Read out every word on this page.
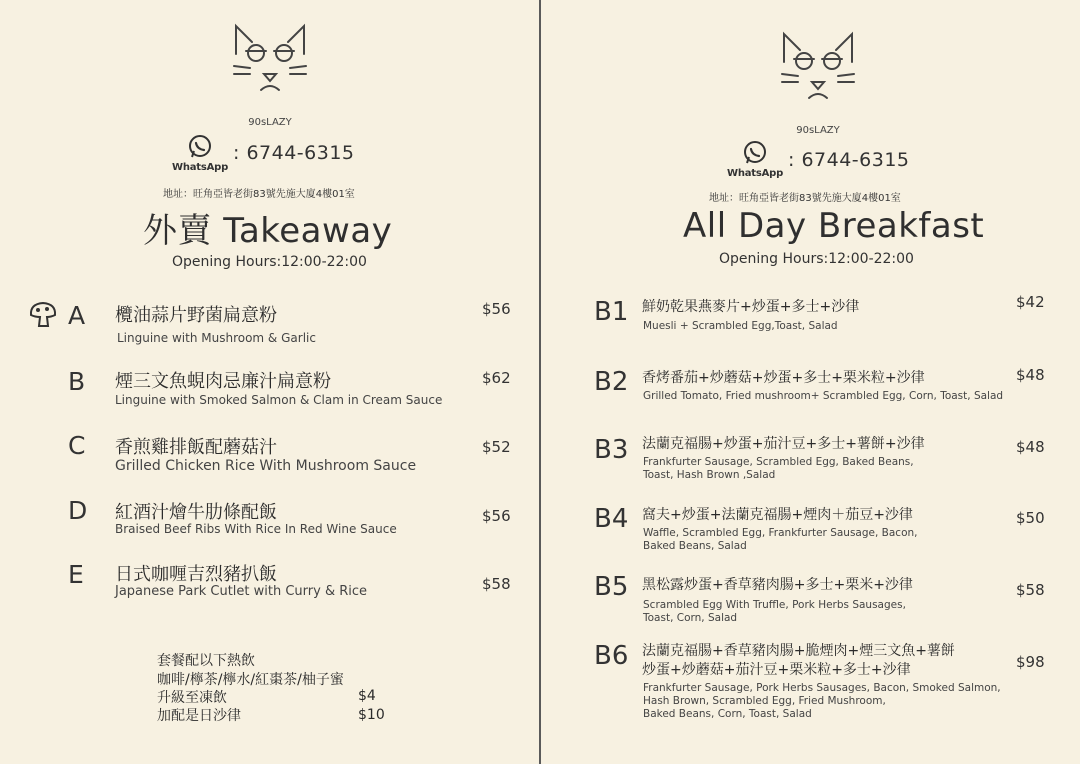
90sLAZY
WhatsApp
: 6744-6315
地址：旺角亞皆老街83號先施大廈4樓01室
外賣 Takeaway
Opening Hours:12:00-22:00
A 欖油蒜片野菌扁意粉
Linguine with Mushroom & Garlic
$56
B 煙三文魚蜆肉忌廉汁扁意粉
Linguine with Smoked Salmon & Clam in Cream Sauce
$62
C 香煎雞排飯配蘑菇汁
Grilled Chicken Rice With Mushroom Sauce
$52
D 紅酒汁燴牛肋條配飯
Braised Beef Ribs With Rice In Red Wine Sauce
$56
E 日式咖喱吉烈豬扒飯
Japanese Park Cutlet with Curry & Rice	$58
套餐配以下熱飲
咖啡/檸茶/檸水/紅棗茶/柚子蜜
升級至凍飲	$4
加配是日沙律	$10
90sLAZY
WhatsApp
: 6744-6315
地址：旺角亞皆老街83號先施大廈4樓01室
All Day Breakfast
Opening Hours:12:00-22:00
B1 鮮奶乾果燕麥片+炒蛋+多士+沙律
Muesli + Scrambled Egg,Toast, Salad
$42
B2 香烤番茄+炒蘑菇+炒蛋+多士+栗米粒+沙律
Grilled Tomato, Fried mushroom+ Scrambled Egg, Corn, Toast, Salad
$48
B3 法蘭克福腸+炒蛋+茄汁豆+多士+薯餅+沙律
Frankfurter Sausage, Scrambled Egg, Baked Beans,
Toast, Hash Brown ,Salad
$48
B4 窩夫+炒蛋+法蘭克福腸+煙肉＋茄豆+沙律
Waffle, Scrambled Egg, Frankfurter Sausage, Bacon,
Baked Beans, Salad
$50
B5 黑松露炒蛋+香草豬肉腸+多士+栗米+沙律
Scrambled Egg With Truffle, Pork Herbs Sausages,
Toast, Corn, Salad
$58
B6 法蘭克福腸+香草豬肉腸+脆煙肉+煙三文魚+薯餅
炒蛋+炒蘑菇+茄汁豆+栗米粒+多士+沙律
Frankfurter Sausage, Pork Herbs Sausages, Bacon, Smoked Salmon,
Hash Brown, Scrambled Egg, Fried Mushroom,
Baked Beans, Corn, Toast, Salad
$98
